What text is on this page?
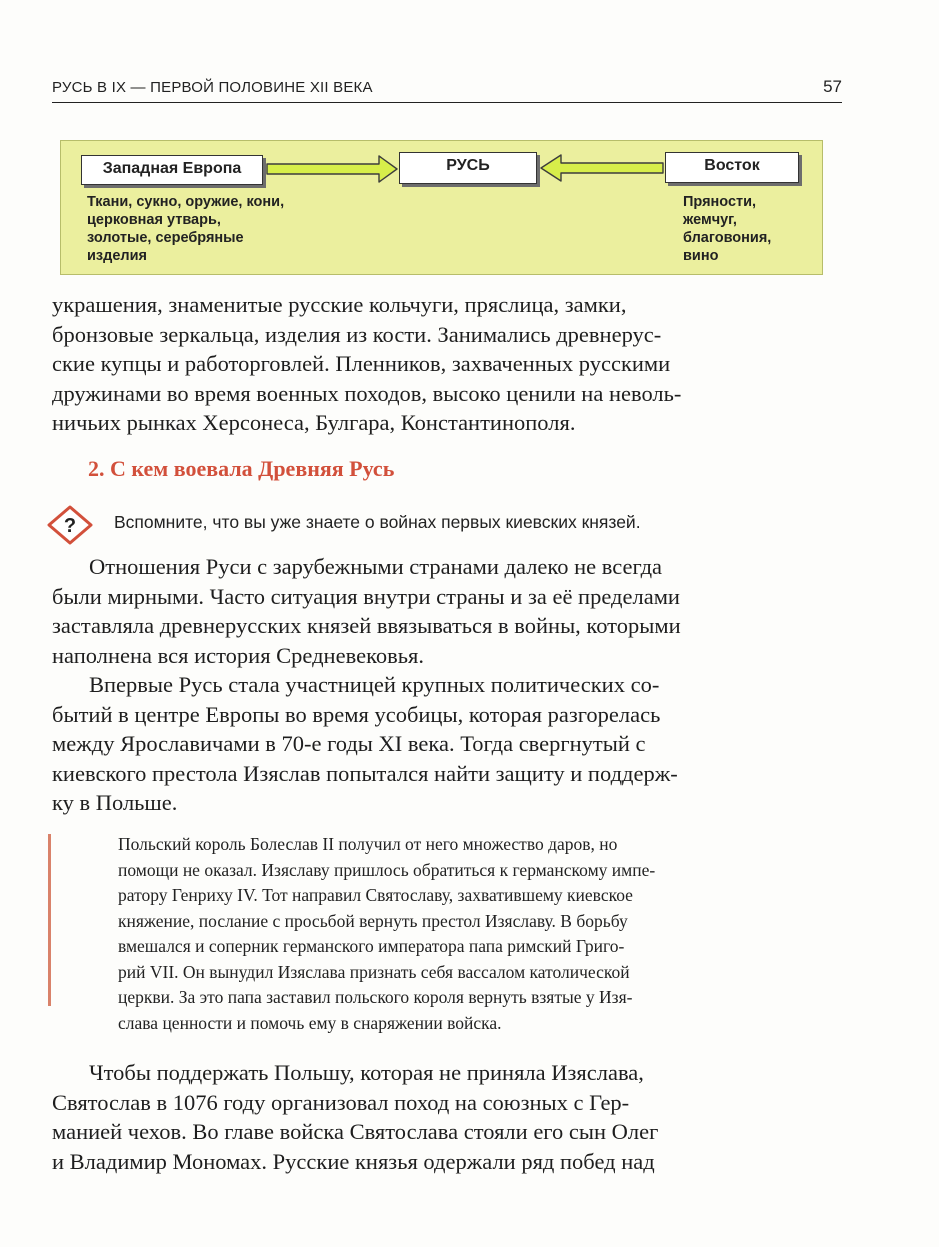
РУСЬ В IX — ПЕРВОЙ ПОЛОВИНЕ XII ВЕКА	57
Западная Европа	РУСЬ	Восток
Ткани, сукно, оружие, кони,
церковная утварь,
золотые, серебряные
изделия
Пряности,
жемчуг,
благовония,
вино
украшения, знаменитые русские кольчуги, пряслица, замки,
бронзовые зеркальца, изделия из кости. Занимались древнерус-
ские купцы и работорговлей. Пленников, захваченных русскими
дружинами во время военных походов, высоко ценили на неволь-
ничьих рынках Херсонеса, Булгара, Константинополя.
2. С кем воевала Древняя Русь
? Вспомните, что вы уже знаете о войнах первых киевских князей.
Отношения Руси с зарубежными странами далеко не всегда
были мирными. Часто ситуация внутри страны и за её пределами
заставляла древнерусских князей ввязываться в войны, которыми
наполнена вся история Средневековья.
Впервые Русь стала участницей крупных политических со-
бытий в центре Европы во время усобицы, которая разгорелась
между Ярославичами в 70-е годы XI века. Тогда свергнутый с
киевского престола Изяслав попытался найти защиту и поддерж-
ку в Польше.
Польский король Болеслав II получил от него множество даров, но
помощи не оказал. Изяславу пришлось обратиться к германскому импе-
ратору Генриху IV. Тот направил Святославу, захватившему киевское
княжение, послание с просьбой вернуть престол Изяславу. В борьбу
вмешался и соперник германского императора папа римский Григо-
рий VII. Он вынудил Изяслава признать себя вассалом католической
церкви. За это папа заставил польского короля вернуть взятые у Изя-
слава ценности и помочь ему в снаряжении войска.
Чтобы поддержать Польшу, которая не приняла Изяслава,
Святослав в 1076 году организовал поход на союзных с Гер-
манией чехов. Во главе войска Святослава стояли его сын Олег
и Владимир Мономах. Русские князья одержали ряд побед над
